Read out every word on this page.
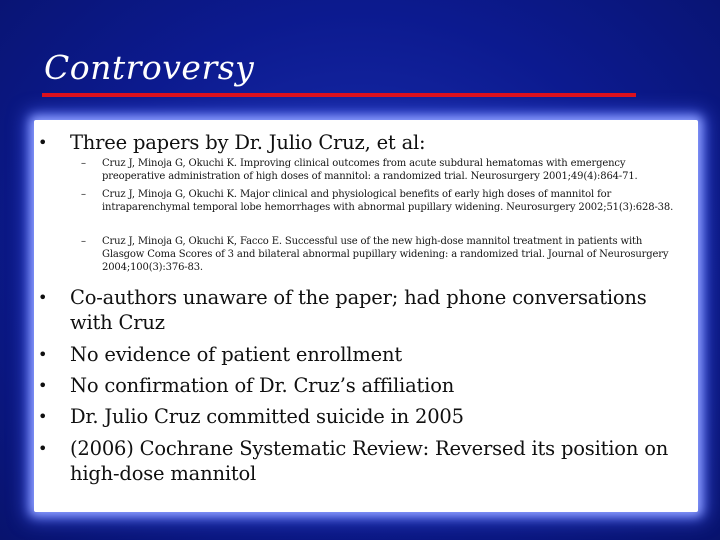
Controversy
• Three papers by Dr. Julio Cruz, et al:
– Cruz J, Minoja G, Okuchi K. Improving clinical outcomes from acute subdural hematomas with emergency preoperative administration of high doses of mannitol: a randomized trial. Neurosurgery 2001;49(4):864-71.
– Cruz J, Minoja G, Okuchi K. Major clinical and physiological benefits of early high doses of mannitol for intraparenchymal temporal lobe hemorrhages with abnormal pupillary widening. Neurosurgery 2002;51(3):628-38.
– Cruz J, Minoja G, Okuchi K, Facco E. Successful use of the new high-dose mannitol treatment in patients with Glasgow Coma Scores of 3 and bilateral abnormal pupillary widening: a randomized trial. Journal of Neurosurgery 2004;100(3):376-83.
• Co-authors unaware of the paper; had phone conversations with Cruz
• No evidence of patient enrollment
• No confirmation of Dr. Cruz’s affiliation
• Dr. Julio Cruz committed suicide in 2005
• (2006) Cochrane Systematic Review: Reversed its position on high-dose mannitol
